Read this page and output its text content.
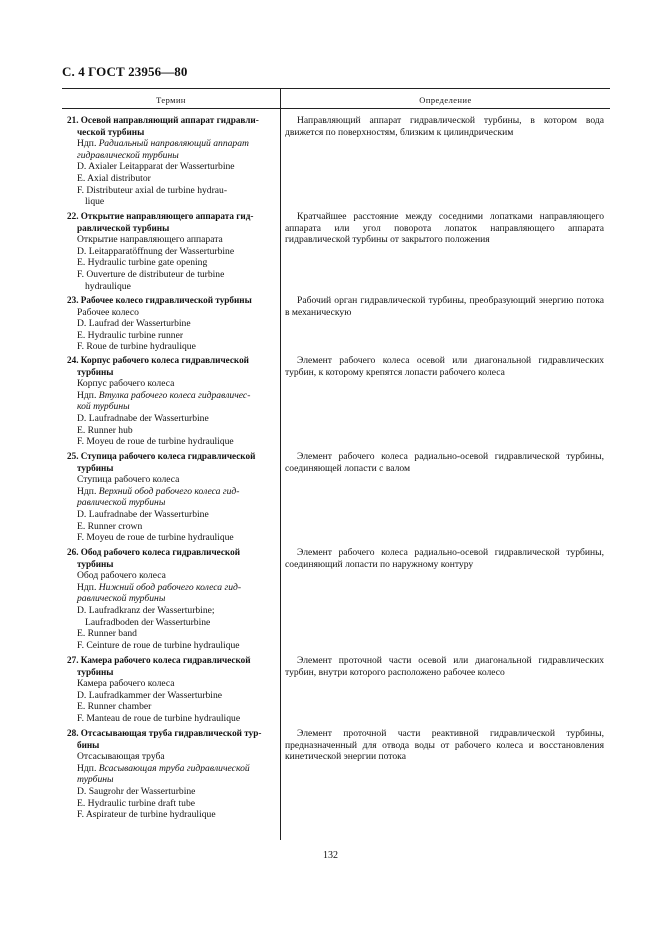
С. 4 ГОСТ 23956—80
Термин	Определение
21. Осевой направляющий аппарат гидравли-
ческой турбины
Ндп. Радиальный направляющий аппарат
гидравлической турбины
D. Axialer Leitapparat der Wasserturbine
E. Axial distributor
F. Distributeur axial de turbine hydrau-
lique
Направляющий аппарат гидравлической турбины, в котором вода движется по поверхностям, близким к цилиндрическим
22. Открытие направляющего аппарата гид-
равлической турбины
Открытие направляющего аппарата
D. Leitapparatöffnung der Wasserturbine
E. Hydraulic turbine gate opening
F. Ouverture de distributeur de turbine
hydraulique
Кратчайшее расстояние между соседними лопатками направляющего аппарата или угол поворота лопаток направляющего аппарата гидравлической турбины от закрытого положения
23. Рабочее колесо гидравлической турбины
Рабочее колесо
D. Laufrad der Wasserturbine
E. Hydraulic turbine runner
F. Roue de turbine hydraulique
Рабочий орган гидравлической турбины, преобразующий энергию потока в механическую
24. Корпус рабочего колеса гидравлической
турбины
Корпус рабочего колеса
Ндп. Втулка рабочего колеса гидравличес-
кой турбины
D. Laufradnabe der Wasserturbine
E. Runner hub
F. Moyeu de roue de turbine hydraulique
Элемент рабочего колеса осевой или диагональной гидравлических турбин, к которому крепятся лопасти рабочего колеса
25. Ступица рабочего колеса гидравлической
турбины
Ступица рабочего колеса
Ндп. Верхний обод рабочего колеса гид-
равлической турбины
D. Laufradnabe der Wasserturbine
E. Runner crown
F. Moyeu de roue de turbine hydraulique
Элемент рабочего колеса радиально-осевой гидравлической турбины, соединяющей лопасти с валом
26. Обод рабочего колеса гидравлической
турбины
Обод рабочего колеса
Ндп. Нижний обод рабочего колеса гид-
равлической турбины
D. Laufradkranz der Wasserturbine;
Laufradboden der Wasserturbine
E. Runner band
F. Ceinture de roue de turbine hydraulique
Элемент рабочего колеса радиально-осевой гидравлической турбины, соединяющий лопасти по наружному контуру
27. Камера рабочего колеса гидравлической
турбины
Камера рабочего колеса
D. Laufradkammer der Wasserturbine
E. Runner chamber
F. Manteau de roue de turbine hydraulique
Элемент проточной части осевой или диагональной гидравлических турбин, внутри которого расположено рабочее колесо
28. Отсасывающая труба гидравлической тур-
бины
Отсасывающая труба
Ндп. Всасывающая труба гидравлической
турбины
D. Saugrohr der Wasserturbine
E. Hydraulic turbine draft tube
F. Aspirateur de turbine hydraulique
Элемент проточной части реактивной гидравлической турбины, предназначенный для отвода воды от рабочего колеса и восстановления кинетической энергии потока
132
